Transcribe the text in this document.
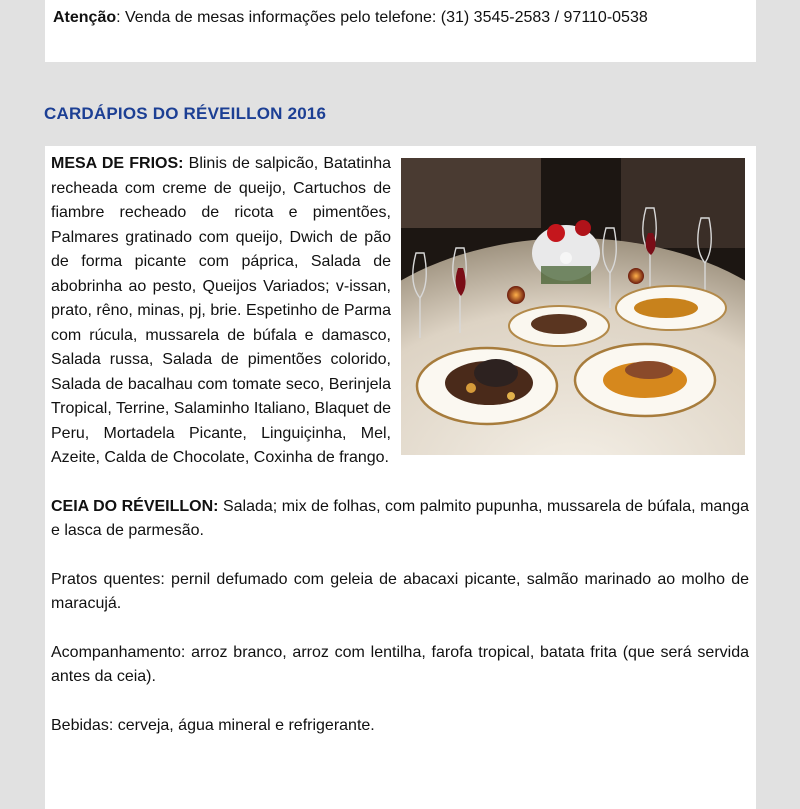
Atenção: Venda de mesas informações pelo telefone: (31) 3545-2583 / 97110-0538
CARDÁPIOS DO RÉVEILLON 2016

MESA DE FRIOS: Blinis de salpicão, Batatinha recheada com creme de queijo, Cartuchos de fiambre recheado de ricota e pimentões, Palmares gratinado com queijo, Dwich de pão de forma picante com páprica, Salada de abobrinha ao pesto, Queijos Variados; v-issan, prato, rêno, minas, pj, brie. Espetinho de Parma com rúcula, mussarela de búfala e damasco, Salada russa, Salada de pimentões colorido, Salada de bacalhau com tomate seco, Berinjela Tropical, Terrine, Salaminho Italiano, Blaquet de Peru, Mortadela Picante, Linguiçinha, Mel, Azeite, Calda de Chocolate, Coxinha de frango.

CEIA DO RÉVEILLON: Salada; mix de folhas, com palmito pupunha, mussarela de búfala, manga e lasca de parmesão.

Pratos quentes: pernil defumado com geleia de abacaxi picante, salmão marinado ao molho de maracujá.

Acompanhamento: arroz branco, arroz com lentilha, farofa tropical, batata frita (que será servida antes da ceia).

Bebidas: cerveja, água mineral e refrigerante.
